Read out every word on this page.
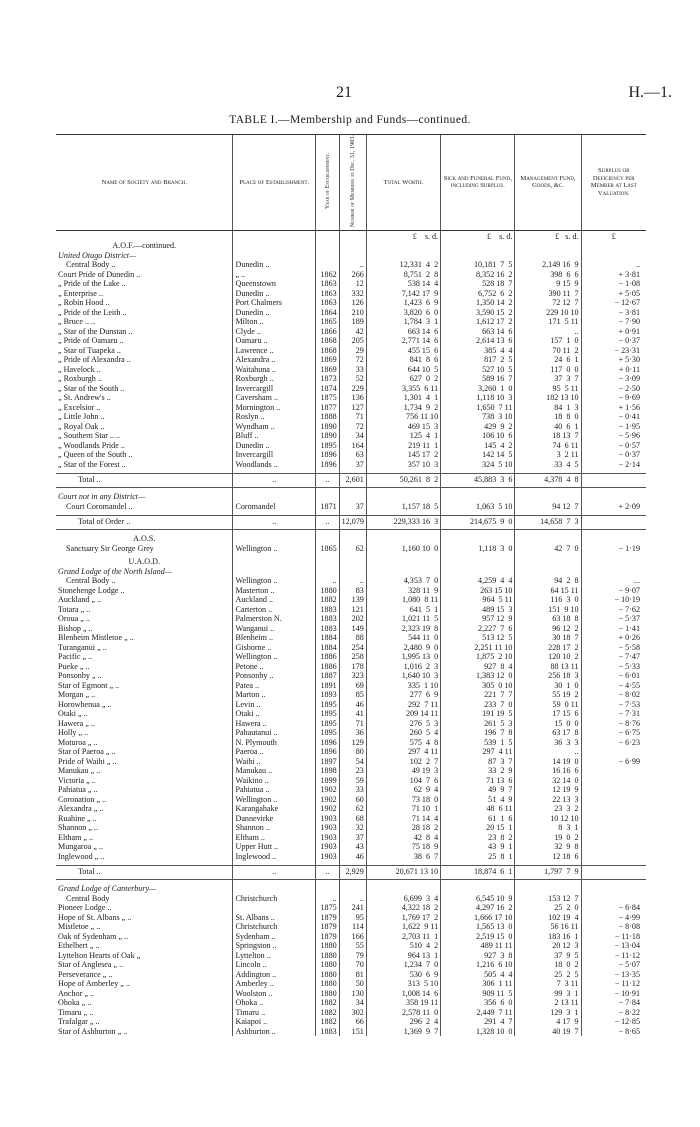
21	H.—1.
TABLE I.—Membership and Funds—continued.
Name of Society and Branch.	Place of Establishment.	Year of Establishment.	Number of Members at Dec. 31, 1903.	Total Worth.	Sick and Funeral Fund, including Surplus.	Management Fund, Goods, &c.	Surplus or Deficiency per Member at Last Valuation.
				£ s. d.	£ s. d.	£ s. d.	£
A.O.F.—continued.							
United Otago District—							
Central Body ..	Dunedin ..		..	12,331  4  2	10,181  7  5	2,149 16  9	..
Court Pride of Dunedin ..	„ ..	1862	266	8,751  2  8	8,352 16  2	398  6  6	+ 3·81
„ Pride of the Lake ..	Queenstown	1863	12	538 14  4	528 18  7	9 15  9	− 1·08
„ Enterprise ..	Dunedin ..	1863	332	7,142 17  9	6,752  6  2	390 11  7	+ 5·05
„ Robin Hood ..	Port Chalmers	1863	126	1,423  6  9	1,350 14  2	72 12  7	− 12·67
„ Pride of the Leith ..	Dunedin ..	1864	210	3,820  6  0	3,590 15  2	229 10 10	− 3·81
„ Bruce .. ..	Milton ..	1865	189	1,784  3  1	1,612 17  2	171  5 11	− 7·90
„ Star of the Dunstan ..	Clyde ..	1866	42	663 14  6	663 14  6	..	+ 0·91
„ Pride of Oamaru ..	Oamaru ..	1868	205	2,771 14  6	2,614 13  6	157  1  0	− 0·37
„ Star of Tuapeka ..	Lawrence ..	1868	29	455 15  6	385  4  4	70 11  2	− 23·31
„ Pride of Alexandra ..	Alexandra ..	1869	72	841  8  6	817  2  5	24  6  1	+ 5·30
„ Havelock ..	Waitahuna ..	1869	33	644 10  5	527 10  5	117  0  0	+ 0·11
„ Roxburgh ..	Roxburgh ..	1873	52	627  0  2	589 16  7	37  3  7	− 3·09
„ Star of the South ..	Invercargill	1874	229	3,355  6 11	3,260  1  0	95  5 11	− 2·50
„ St. Andrew's ..	Caversham ..	1875	136	1,301  4  1	1,118 10  3	182 13 10	− 9·69
„ Excelsior ..	Mornington ..	1877	127	1,734  9  2	1,650  7 11	84  1  3	+ 1·56
„ Little John ..	Roslyn ..	1888	71	756 11 10	738  3 10	18  8  0	− 0·41
„ Royal Oak ..	Wyndham ..	1890	72	469 15  3	429  9  2	40  6  1	− 1·95
„ Southern Star .. ..	Bluff ..	1890	34	125  4  1	106 10  6	18 13  7	− 5·96
„ Woodlands Pride ..	Dunedin ..	1895	164	219 11  1	145  4  2	74  6 11	− 0·57
„ Queen of the South ..	Invercargill	1896	63	145 17  2	142 14  5	3  2 11	− 0·37
„ Star of the Forest ..	Woodlands ..	1896	37	357 10  3	324  5 10	33  4  5	− 2·14

Total ..	..	..	2,601	50,261  8  2	45,883  3  6	4,378  4  8	

Court not in any District—							
Court Coromandel ..	Coromandel	1871	37	1,157 18  5	1,063  5 10	94 12  7	+ 2·09

Total of Order ..	..	..	12,079	229,333 16  3	214,675  9  0	14,658  7  3	

A.O.S.							
Sanctuary Sir George Grey	Wellington ..	1865	62	1,160 10  0	1,118  3  0	42  7  0	− 1·19

U.A.O.D.							
Grand Lodge of the North Island—							
Central Body ..	Wellington ..	..	..	4,353  7  0	4,259  4  4	94  2  8	...
Stonehenge Lodge ..	Masterton ..	1880	83	328 11  9	263 15 10	64 15 11	− 9·07
Auckland „ ..	Auckland ..	1882	139	1,080  8 11	964  5 11	116  3  0	− 10·19
Totara „ ..	Carterton ..	1883	121	641  5  1	489 15  3	151  9 10	− 7·62
Oroua „ ..	Palmerston N.	1883	202	1,021 11  5	957 12  9	63 18  8	− 5·37
Bishop „ ..	Wanganui ..	1883	149	2,323 19  8	2,227  7  6	96 12  2	− 1·41
Blenheim Mistletoe „ ..	Blenheim ..	1884	88	544 11  0	513 12  5	30 18  7	+ 0·26
Turanganui „ ..	Gisborne ..	1884	254	2,480  9  0	2,251 11 10	228 17  2	− 5·58
Pacific „ ..	Wellington ..	1886	258	1,995 13  0	1,875  2 10	120 10  2	− 7·47
Pueke „ ..	Petone ..	1886	178	1,016  2  3	927  8  4	88 13 11	− 5·33
Ponsonby „ ..	Ponsonby ..	1887	323	1,640 10  3	1,383 12  0	256 18  3	− 6·01
Star of Egmont „ ..	Patea ..	1891	69	335  1 10	305  0 10	30  1  0	− 4·55
Morgan „ ..	Marton ..	1893	85	277  6  9	221  7  7	55 19  2	− 8·02
Horowhenua „ ..	Levin ..	1895	46	292  7 11	233  7  0	59  0 11	− 7·53
Otaki „ ..	Otaki ..	1895	41	209 14 11	191 19  5	17 15  6	− 7·31
Hawera „ ..	Hawera ..	1895	71	276  5  3	261  5  3	15  0  0	− 8·76
Holly „ ..	Pahautanui ..	1895	36	260  5  4	196  7  8	63 17  8	− 6·75
Moturoa „ ..	N. Plymouth	1896	129	575  4  8	539  1  5	36  3  3	− 6·23
Star of Paeroa „ ..	Paeroa ..	1896	80	297  4 11	297  4 11	..	
Pride of Waihi „ ..	Waihi ..	1897	54	102  2  7	87  3  7	14 19  0	− 6·99
Manukau „ ..	Manukau ..	1898	23	49 19  3	33  2  9	16 16  6	
Victoria „ ..	Waikino ..	1899	59	104  7  6	71 13  6	32 14  0	
Pahiatua „ ..	Pahiatua ..	1902	33	62  9  4	49  9  7	12 19  9	
Coronation „ ..	Wellington ..	1902	60	73 18  0	51  4  9	22 13  3	
Alexandra „ ..	Karangahake	1902	62	71 10  1	48  6 11	23  3  2	
Ruahine „ ..	Dannevirke	1903	68	71 14  4	61  1  6	10 12 10	
Shannon „ ..	Shannon ..	1903	32	28 18  2	20 15  1	8  3  1	
Eltham „ ..	Eltham ..	1903	37	42  8  4	23  8  2	19  0  2	
Mungaroa „ ..	Upper Hutt ..	1903	43	75 18  9	43  9  1	32  9  8	
Inglewood „ ..	Inglewood ..	1903	46	38  6  7	25  8  1	12 18  6	

Total ..	..	..	2,929	20,671 13 10	18,874  6  1	1,797  7  9	

Grand Lodge of Canterbury—							
Central Body	Christchurch	..	..	6,699  3  4	6,545 10  9	153 12  7	
Pioneer Lodge ..		1875	241	4,322 18  2	4,297 16  2	25  2  0	− 6·84
Hope of St. Albans „ ..	St. Albans ..	1879	95	1,769 17  2	1,666 17 10	102 19  4	− 4·99
Mistletoe „ ..	Christchurch	1879	114	1,622  9 11	1,565 13  0	56 16 11	− 8·08
Oak of Sydenham „ ..	Sydenham ..	1879	166	2,703 11  1	2,519 15  0	183 16  1	− 11·18
Ethelbert „ ..	Springston ..	1880	55	510  4  2	489 11 11	20 12  3	− 13·04
Lyttelton Hearts of Oak „	Lyttelton ..	1880	79	964 13  1	927  3  8	37  9  5	− 11·12
Star of Anglesea „ ..	Lincoln ..	1880	70	1,234  7  0	1,216  6 10	18  0  2	− 5·07
Perseverance „ ..	Addington ..	1880	81	530  6  9	505  4  4	25  2  5	− 13·35
Hope of Amberley „ ..	Amberley ..	1880	50	313  5 10	306  1 11	7  3 11	− 11·12
Anchor „ ..	Woolston ..	1880	130	1,008 14  6	909 11  5	99  3  1	− 10·91
Ohoka „ ..	Ohoka ..	1882	34	358 19 11	356  6  0	2 13 11	− 7·84
Timaru „ ..	Timaru ..	1882	302	2,578 11  0	2,449  7 11	129  3  1	− 8·22
Trafalgar „ ..	Kaiapoi ..	1882	66	296  2  4	291  4  7	4 17  9	− 12·85
Star of Ashburton „ ..	Ashburton ..	1883	151	1,369  9  7	1,328 10  0	40 19  7	− 8·65
